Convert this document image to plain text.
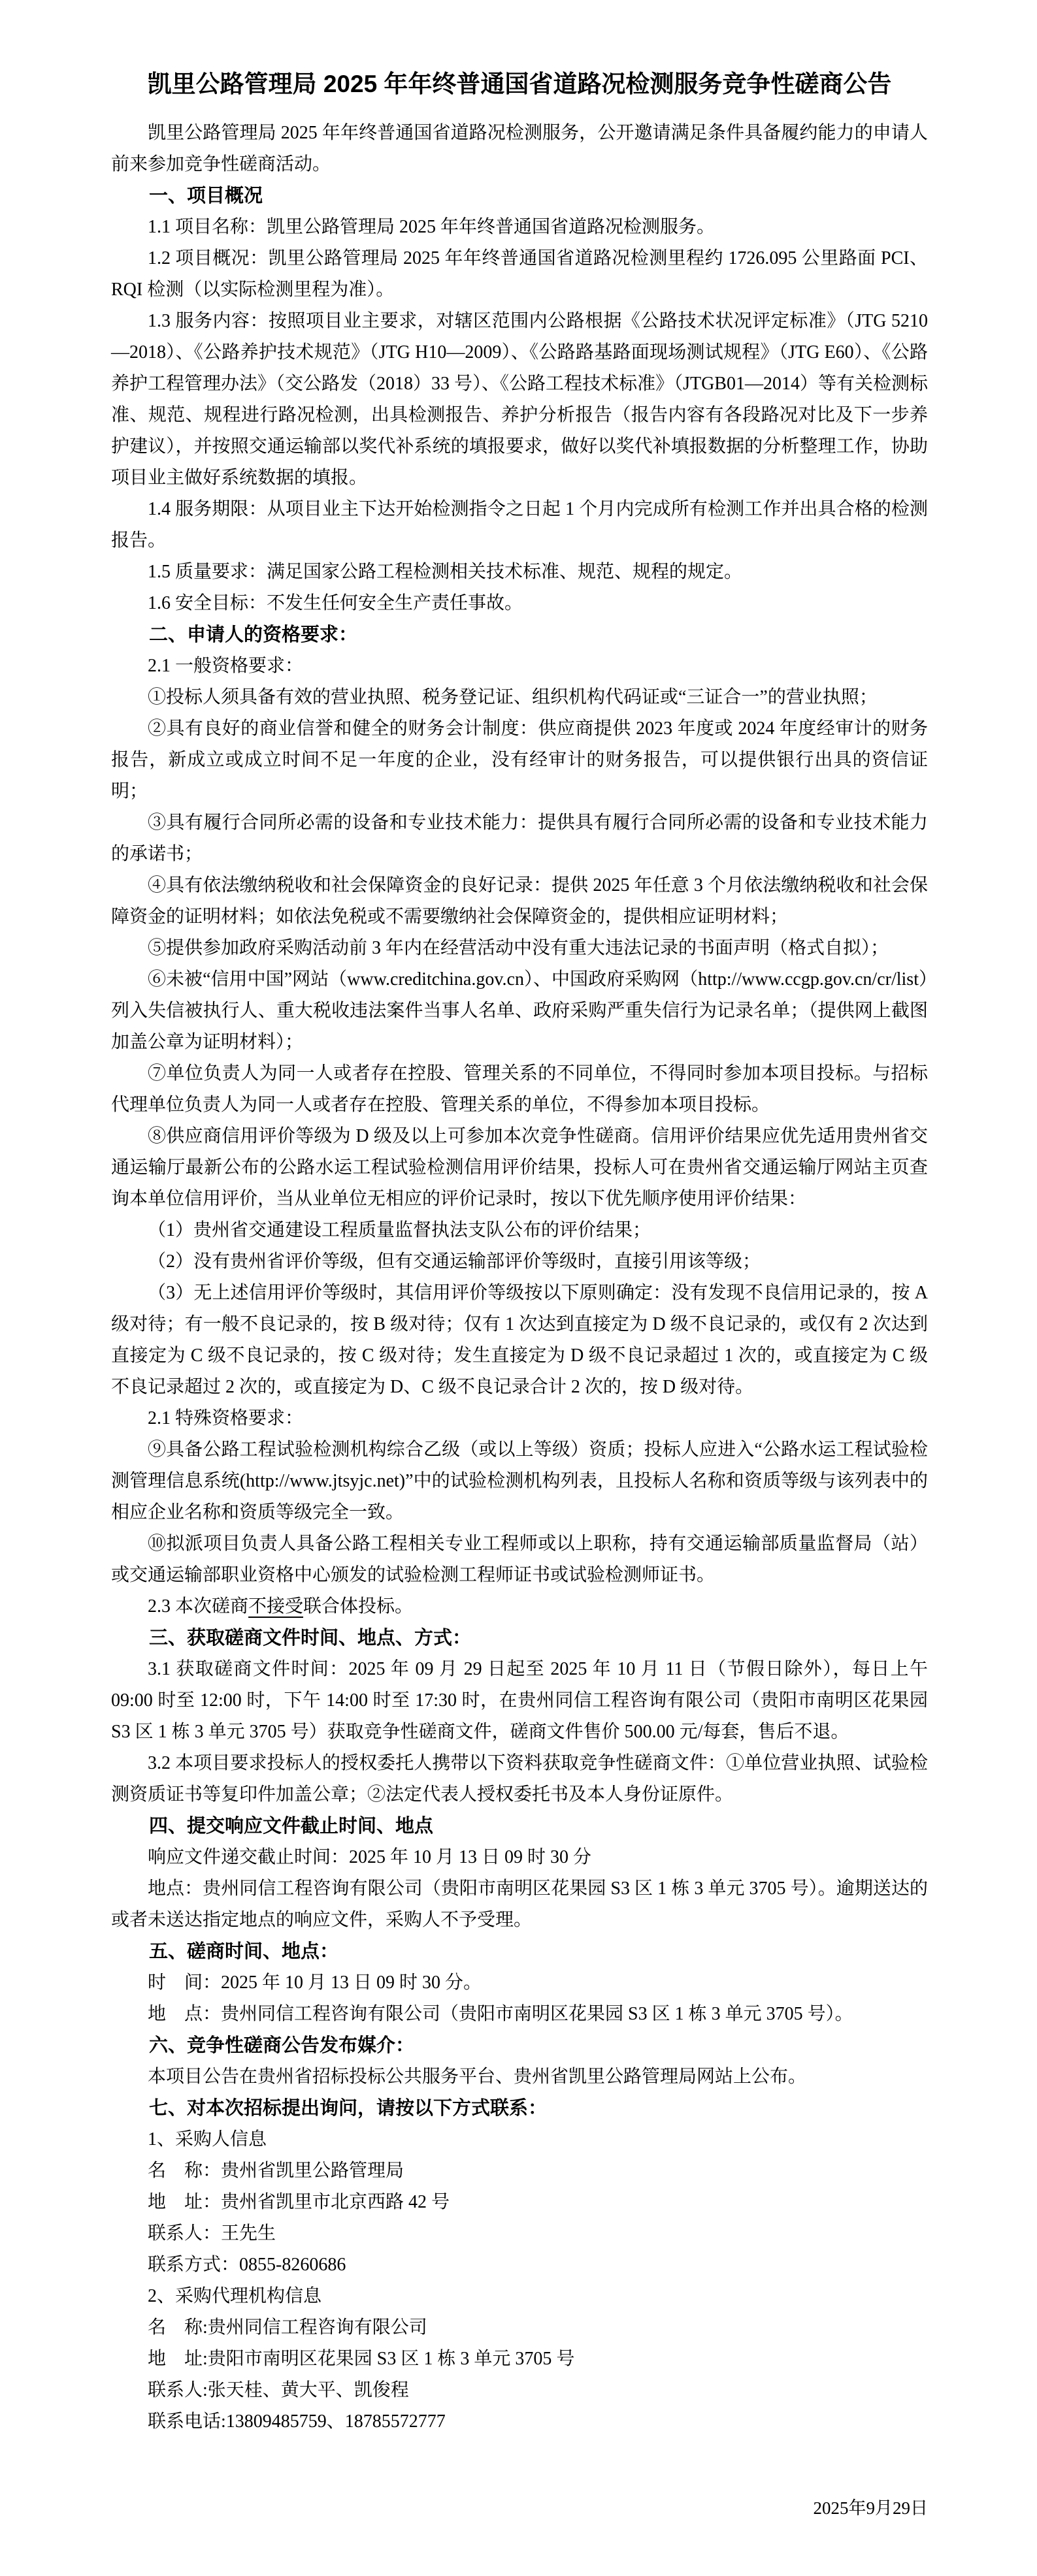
凯里公路管理局 2025 年年终普通国省道路况检测服务竞争性磋商公告

凯里公路管理局 2025 年年终普通国省道路况检测服务，公开邀请满足条件具备履约能力的申请人前来参加竞争性磋商活动。

一、项目概况

1.1 项目名称：凯里公路管理局 2025 年年终普通国省道路况检测服务。

1.2 项目概况：凯里公路管理局 2025 年年终普通国省道路况检测里程约 1726.095 公里路面 PCI、RQI 检测（以实际检测里程为准）。

1.3 服务内容：按照项目业主要求，对辖区范围内公路根据《公路技术状况评定标准》（JTG 5210—2018）、《公路养护技术规范》（JTG H10—2009）、《公路路基路面现场测试规程》（JTG E60）、《公路养护工程管理办法》（交公路发（2018）33 号）、《公路工程技术标准》（JTGB01—2014）等有关检测标准、规范、规程进行路况检测，出具检测报告、养护分析报告（报告内容有各段路况对比及下一步养护建议），并按照交通运输部以奖代补系统的填报要求，做好以奖代补填报数据的分析整理工作，协助项目业主做好系统数据的填报。

1.4 服务期限：从项目业主下达开始检测指令之日起 1 个月内完成所有检测工作并出具合格的检测报告。

1.5 质量要求：满足国家公路工程检测相关技术标准、规范、规程的规定。

1.6 安全目标：不发生任何安全生产责任事故。

二、申请人的资格要求：

2.1 一般资格要求：

①投标人须具备有效的营业执照、税务登记证、组织机构代码证或“三证合一”的营业执照；

②具有良好的商业信誉和健全的财务会计制度：供应商提供 2023 年度或 2024 年度经审计的财务报告，新成立或成立时间不足一年度的企业，没有经审计的财务报告，可以提供银行出具的资信证明；

③具有履行合同所必需的设备和专业技术能力：提供具有履行合同所必需的设备和专业技术能力的承诺书；

④具有依法缴纳税收和社会保障资金的良好记录：提供 2025 年任意 3 个月依法缴纳税收和社会保障资金的证明材料；如依法免税或不需要缴纳社会保障资金的，提供相应证明材料；

⑤提供参加政府采购活动前 3 年内在经营活动中没有重大违法记录的书面声明（格式自拟）；

⑥未被“信用中国”网站（www.creditchina.gov.cn）、中国政府采购网（http://www.ccgp.gov.cn/cr/list）列入失信被执行人、重大税收违法案件当事人名单、政府采购严重失信行为记录名单；（提供网上截图加盖公章为证明材料）；

⑦单位负责人为同一人或者存在控股、管理关系的不同单位，不得同时参加本项目投标。与招标代理单位负责人为同一人或者存在控股、管理关系的单位，不得参加本项目投标。

⑧供应商信用评价等级为 D 级及以上可参加本次竞争性磋商。信用评价结果应优先适用贵州省交通运输厅最新公布的公路水运工程试验检测信用评价结果，投标人可在贵州省交通运输厅网站主页查询本单位信用评价，当从业单位无相应的评价记录时，按以下优先顺序使用评价结果：

（1）贵州省交通建设工程质量监督执法支队公布的评价结果；

（2）没有贵州省评价等级，但有交通运输部评价等级时，直接引用该等级；

（3）无上述信用评价等级时，其信用评价等级按以下原则确定：没有发现不良信用记录的，按 A 级对待；有一般不良记录的，按 B 级对待；仅有 1 次达到直接定为 D 级不良记录的，或仅有 2 次达到直接定为 C 级不良记录的，按 C 级对待；发生直接定为 D 级不良记录超过 1 次的，或直接定为 C 级不良记录超过 2 次的，或直接定为 D、C 级不良记录合计 2 次的，按 D 级对待。

2.1 特殊资格要求：

⑨具备公路工程试验检测机构综合乙级（或以上等级）资质；投标人应进入“公路水运工程试验检测管理信息系统(http://www.jtsyjc.net)”中的试验检测机构列表，且投标人名称和资质等级与该列表中的相应企业名称和资质等级完全一致。

⑩拟派项目负责人具备公路工程相关专业工程师或以上职称，持有交通运输部质量监督局（站）或交通运输部职业资格中心颁发的试验检测工程师证书或试验检测师证书。

2.3 本次磋商不接受联合体投标。

三、获取磋商文件时间、地点、方式：

3.1 获取磋商文件时间：2025 年 09 月 29 日起至 2025 年 10 月 11 日（节假日除外），每日上午 09:00 时至 12:00 时，下午 14:00 时至 17:30 时，在贵州同信工程咨询有限公司（贵阳市南明区花果园 S3 区 1 栋 3 单元 3705 号）获取竞争性磋商文件，磋商文件售价 500.00 元/每套，售后不退。

3.2 本项目要求投标人的授权委托人携带以下资料获取竞争性磋商文件：①单位营业执照、试验检测资质证书等复印件加盖公章；②法定代表人授权委托书及本人身份证原件。

四、提交响应文件截止时间、地点

响应文件递交截止时间：2025 年 10 月 13 日 09 时 30 分

地点：贵州同信工程咨询有限公司（贵阳市南明区花果园 S3 区 1 栋 3 单元 3705 号）。逾期送达的或者未送达指定地点的响应文件，采购人不予受理。

五、磋商时间、地点：

时　间：2025 年 10 月 13 日 09 时 30 分。

地　点：贵州同信工程咨询有限公司（贵阳市南明区花果园 S3 区 1 栋 3 单元 3705 号）。

六、竞争性磋商公告发布媒介：

本项目公告在贵州省招标投标公共服务平台、贵州省凯里公路管理局网站上公布。

七、对本次招标提出询问，请按以下方式联系：

1、采购人信息

名　称：贵州省凯里公路管理局

地　址：贵州省凯里市北京西路 42 号

联系人：王先生

联系方式：0855-8260686

2、采购代理机构信息

名　称:贵州同信工程咨询有限公司

地　址:贵阳市南明区花果园 S3 区 1 栋 3 单元 3705 号

联系人:张天桂、黄大平、凯俊程

联系电话:13809485759、18785572777

2025年9月29日
